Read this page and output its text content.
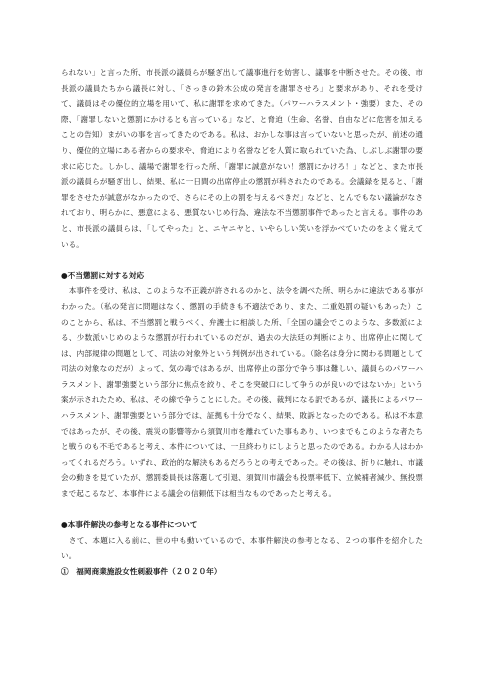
られない」と言った所、市長派の議員らが騒ぎ出して議事進行を妨害し、議事を中断させた。その後、市長派の議員たちから議長に対し、「さっきの鈴木公成の発言を謝罪させろ」と要求があり、それを受けて、議員はその優位的立場を用いて、私に謝罪を求めてきた。（パワーハラスメント・強要）また、その際、「謝罪しないと懲罰にかけるとも言っている」など、と脅迫（生命、名誉、自由などに危害を加えることの告知）まがいの事を言ってきたのである。私は、おかしな事は言っていないと思ったが、前述の通り、優位的立場にある者からの要求や、脅迫により名誉などを人質に取られていた為、しぶしぶ謝罪の要求に応じた。しかし、議場で謝罪を行った所、「謝罪に誠意がない！懲罰にかけろ！」などと、また市長派の議員らが騒ぎ出し、結果、私に一日間の出席停止の懲罰が科されたのである。会議録を見ると、「謝罪をさせたが誠意がなかったので、さらにその上の罰を与えるべきだ」などと、とんでもない議論がなされており、明らかに、悪意による、悪質ないじめ行為、違法な不当懲罰事件であったと言える。事件のあと、市長派の議員らは、「してやった」と、ニヤニヤと、いやらしい笑いを浮かべていたのをよく覚えている。

●不当懲罰に対する対応

　本事件を受け、私は、このような不正義が許されるのかと、法令を調べた所、明らかに違法である事がわかった。（私の発言に問題はなく、懲罰の手続きも不適法であり、また、二重処罰の疑いもあった）このことから、私は、不当懲罰と戦うべく、弁護士に相談した所、「全国の議会でこのような、多数派による、少数派いじめのような懲罰が行われているのだが、過去の大法廷の判断により、出席停止に関しては、内部規律の問題として、司法の対象外という判例が出されている。（除名は身分に関わる問題として司法の対象なのだが）よって、気の毒ではあるが、出席停止の部分で争う事は難しい、議員らのパワーハラスメント、謝罪強要という部分に焦点を絞り、そこを突破口にして争うのが良いのではないか」という案が示されたため、私は、その線で争うことにした。その後、裁判になる訳であるが、議長によるパワーハラスメント、謝罪強要という部分では、証拠も十分でなく、結果、敗訴となったのである。私は不本意ではあったが、その後、震災の影響等から須賀川市を離れていた事もあり、いつまでもこのような者たちと戦うのも不毛であると考え、本件については、一旦終わりにしようと思ったのである。わかる人はわかってくれるだろう。いずれ、政治的な解決もあるだろうとの考えであった。その後は、折りに触れ、市議会の動きを見ていたが、懲罰委員長は落選して引退、須賀川市議会も投票率低下、立候補者減少、無投票まで起こるなど、本事件による議会の信頼低下は相当なものであったと考える。

●本事件解決の参考となる事件について

　さて、本題に入る前に、世の中も動いているので、本事件解決の参考となる、２つの事件を紹介したい。

①　福岡商業施設女性刺殺事件（２０２０年）
